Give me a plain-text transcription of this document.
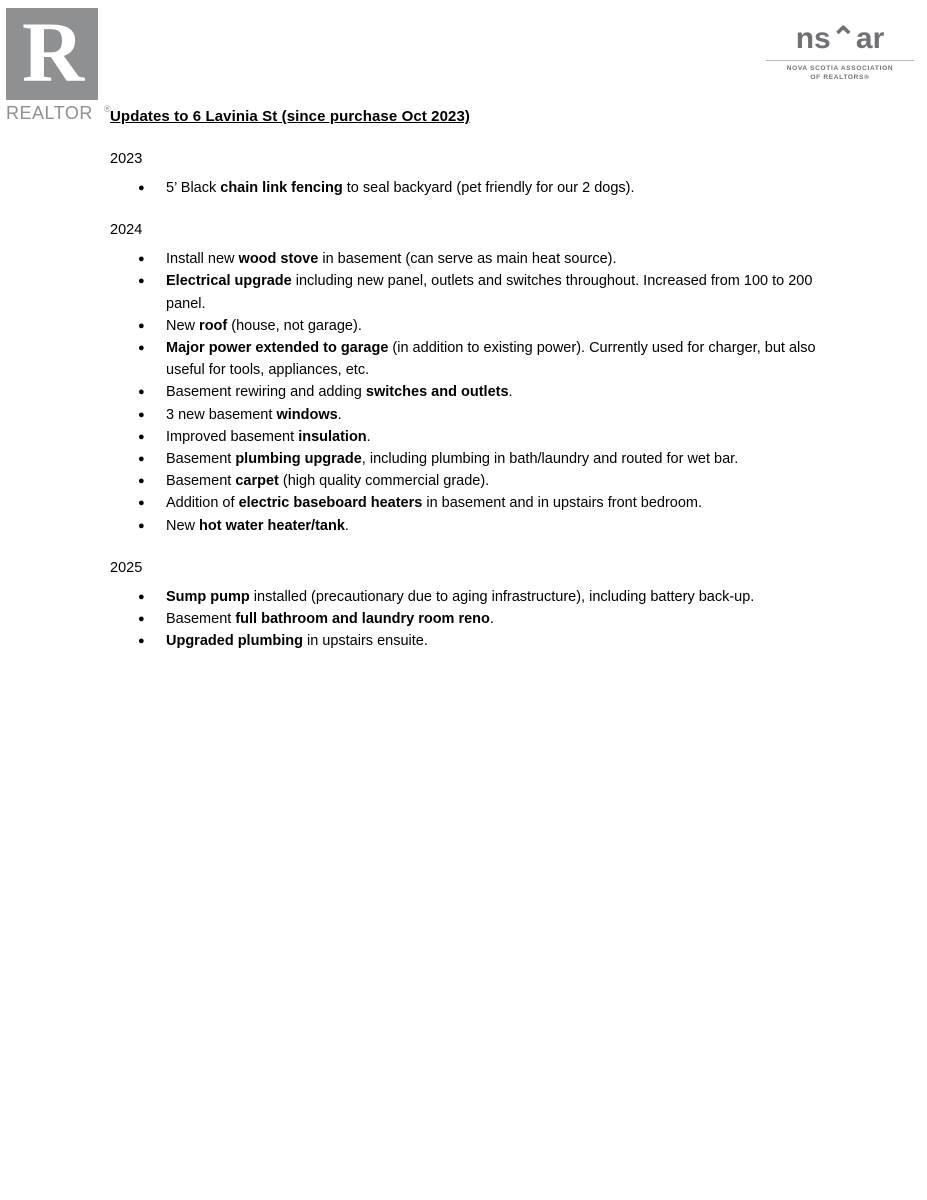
R
REALTOR ®
ns⌃ar
NOVA SCOTIA ASSOCIATION
OF REALTORS®
Updates to 6 Lavinia St (since purchase Oct 2023)
2023
● 5’ Black chain link fencing to seal backyard (pet friendly for our 2 dogs).
2024
● Install new wood stove in basement (can serve as main heat source).
● Electrical upgrade including new panel, outlets and switches throughout. Increased from 100 to 200 panel.
● New roof (house, not garage).
● Major power extended to garage (in addition to existing power). Currently used for charger, but also useful for tools, appliances, etc.
● Basement rewiring and adding switches and outlets.
● 3 new basement windows.
● Improved basement insulation.
● Basement plumbing upgrade, including plumbing in bath/laundry and routed for wet bar.
● Basement carpet (high quality commercial grade).
● Addition of electric baseboard heaters in basement and in upstairs front bedroom.
● New hot water heater/tank.
2025
● Sump pump installed (precautionary due to aging infrastructure), including battery back-up.
● Basement full bathroom and laundry room reno.
● Upgraded plumbing in upstairs ensuite.
